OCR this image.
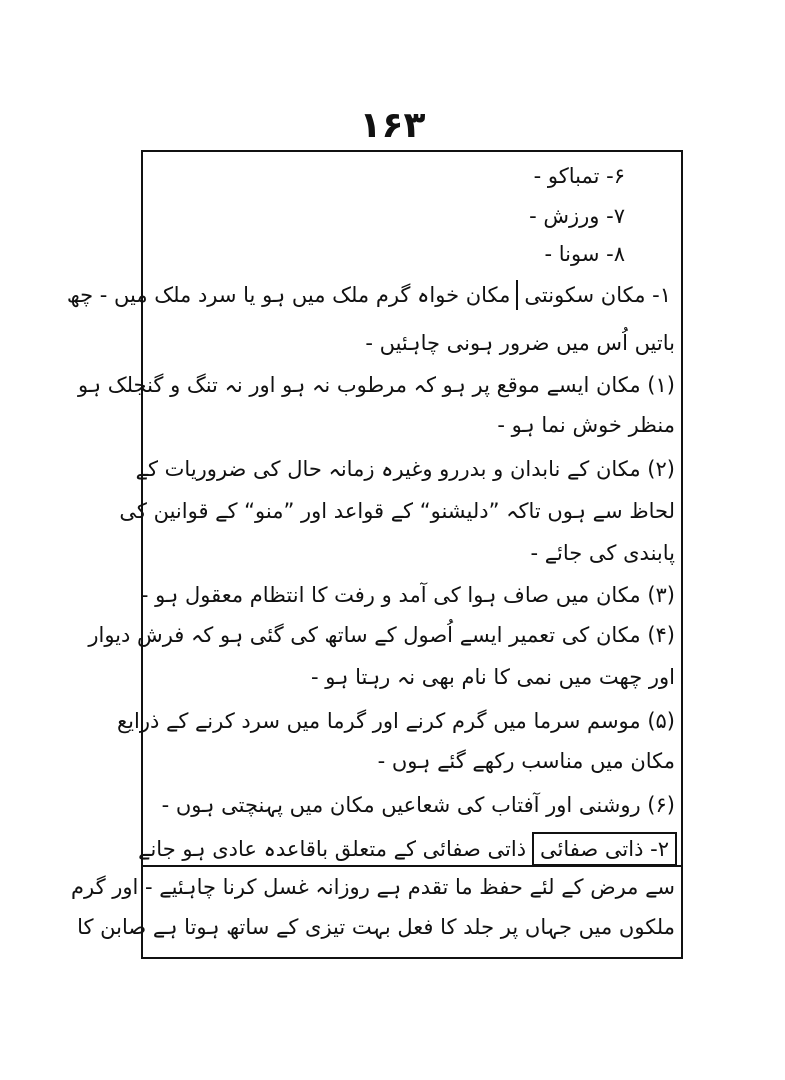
۱۶۳
۶- تمباکو -
۷- ورزش -
۸- سونا -
۱- مکان سکونتیمکان خواہ گرم ملک میں ہو یا سرد ملک میں - چھ
باتیں اُس میں ضرور ہونی چاہئیں -
(۱) مکان ایسے موقع پر ہو کہ مرطوب نہ ہو اور نہ تنگ و گنجلک ہو
منظر خوش نما ہو -
(۲) مکان کے نابدان و بدررو وغیرہ زمانہ حال کی ضروریات کے
لحاظ سے ہوں تاکہ ”دلیشنو“ کے قواعد اور ”منو“ کے قوانین کی
پابندی کی جائے -
(۳) مکان میں صاف ہوا کی آمد و رفت کا انتظام معقول ہو -
(۴) مکان کی تعمیر ایسے اُصول کے ساتھ کی گئی ہو کہ فرش دیوار
اور چھت میں نمی کا نام بھی نہ رہتا ہو -
(۵) موسم سرما میں گرم کرنے اور گرما میں سرد کرنے کے ذرایع
مکان میں مناسب رکھے گئے ہوں -
(۶) روشنی اور آفتاب کی شعاعیں مکان میں پہنچتی ہوں -
۲- ذاتی صفائیذاتی صفائی کے متعلق باقاعدہ عادی ہو جانے
سے مرض کے لئے حفظ ما تقدم ہے روزانہ غسل کرنا چاہئیے - اور گرم
ملکوں میں جہاں پر جلد کا فعل بہت تیزی کے ساتھ ہوتا ہے صابن کا
